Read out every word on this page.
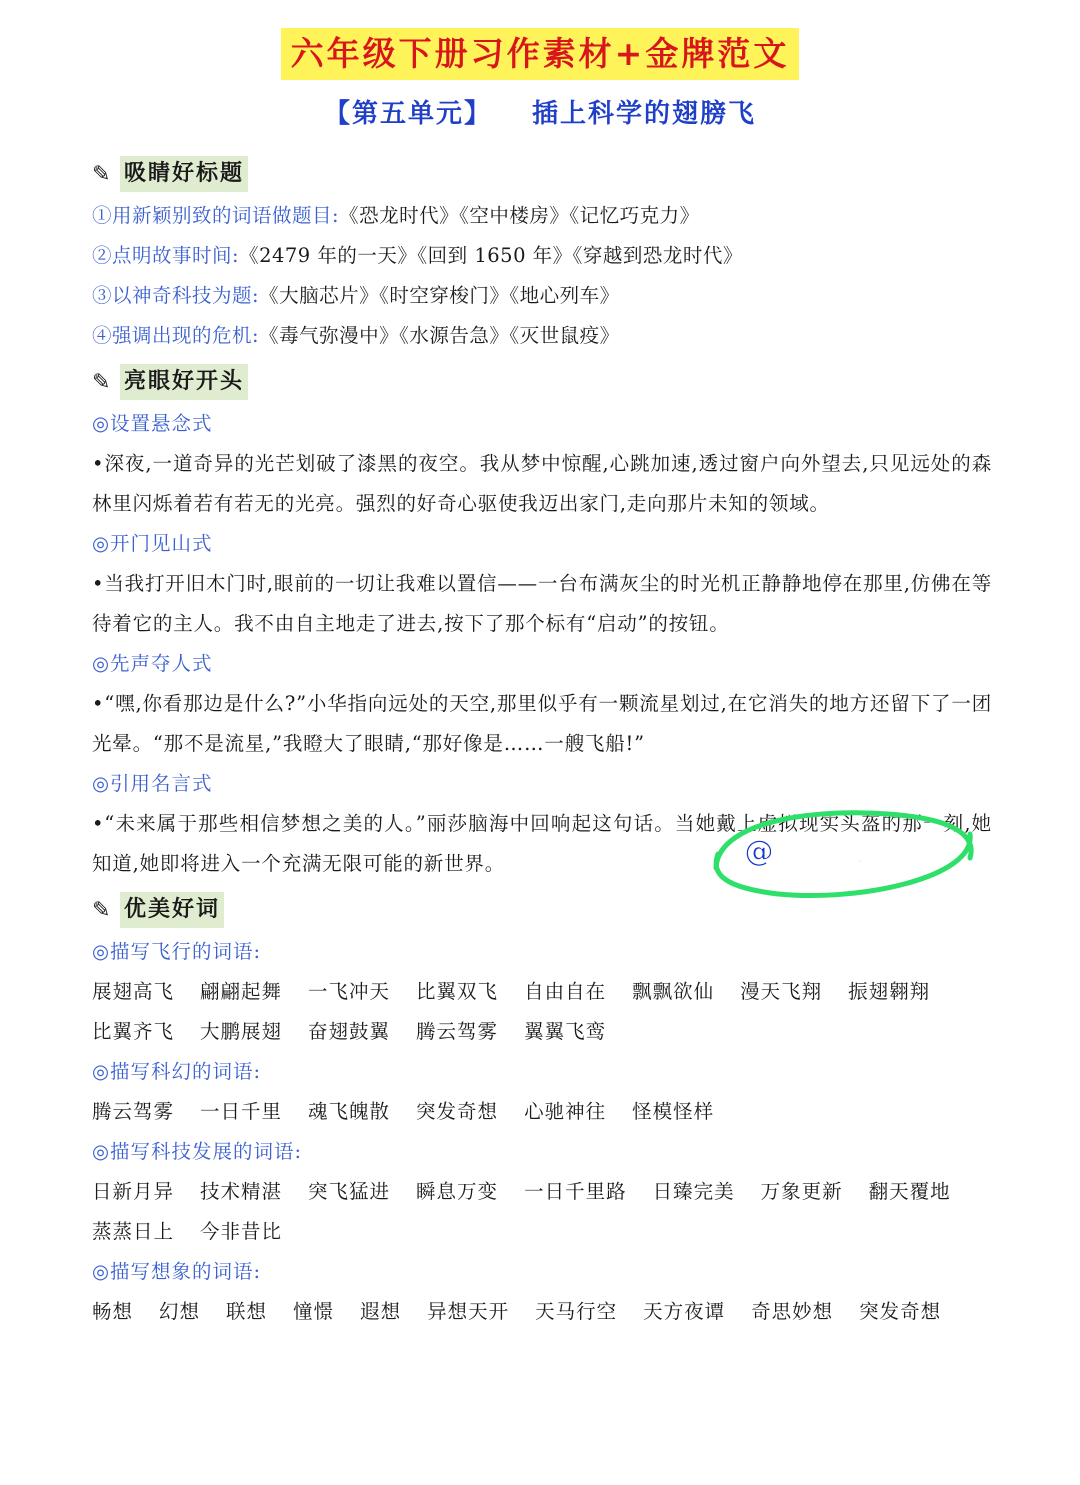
六年级下册习作素材+金牌范文
【第五单元】 插上科学的翅膀飞
✎ 吸睛好标题
①用新颖别致的词语做题目:《恐龙时代》《空中楼房》《记忆巧克力》
②点明故事时间:《2479 年的一天》《回到 1650 年》《穿越到恐龙时代》
③以神奇科技为题:《大脑芯片》《时空穿梭门》《地心列车》
④强调出现的危机:《毒气弥漫中》《水源告急》《灭世鼠疫》
✎ 亮眼好开头
◎设置悬念式

•深夜,一道奇异的光芒划破了漆黑的夜空。我从梦中惊醒,心跳加速,透过窗户向外望去,只见远处的森林里闪烁着若有若无的光亮。强烈的好奇心驱使我迈出家门,走向那片未知的领域。

◎开门见山式

•当我打开旧木门时,眼前的一切让我难以置信——一台布满灰尘的时光机正静静地停在那里,仿佛在等待着它的主人。我不由自主地走了进去,按下了那个标有“启动”的按钮。

◎先声夺人式

•“嘿,你看那边是什么?”小华指向远处的天空,那里似乎有一颗流星划过,在它消失的地方还留下了一团光晕。“那不是流星,”我瞪大了眼睛,“那好像是……一艘飞船!”

◎引用名言式

•“未来属于那些相信梦想之美的人。”丽莎脑海中回响起这句话。当她戴上虚拟现实头盔的那一刻,她知道,她即将进入一个充满无限可能的新世界。

✎ 优美好词
◎描写飞行的词语:
展翅高飞 翩翩起舞 一飞冲天 比翼双飞 自由自在 飘飘欲仙 漫天飞翔 振翅翱翔
比翼齐飞 大鹏展翅 奋翅鼓翼 腾云驾雾 翼翼飞鸾
◎描写科幻的词语:
腾云驾雾 一日千里 魂飞魄散 突发奇想 心驰神往 怪模怪样
◎描写科技发展的词语:
日新月异 技术精湛 突飞猛进 瞬息万变 一日千里路 日臻完美 万象更新 翻天覆地
蒸蒸日上 今非昔比
◎描写想象的词语:
畅想 幻想 联想 憧憬 遐想 异想天开 天马行空 天方夜谭 奇思妙想 突发奇想
@鸭妮大过山
